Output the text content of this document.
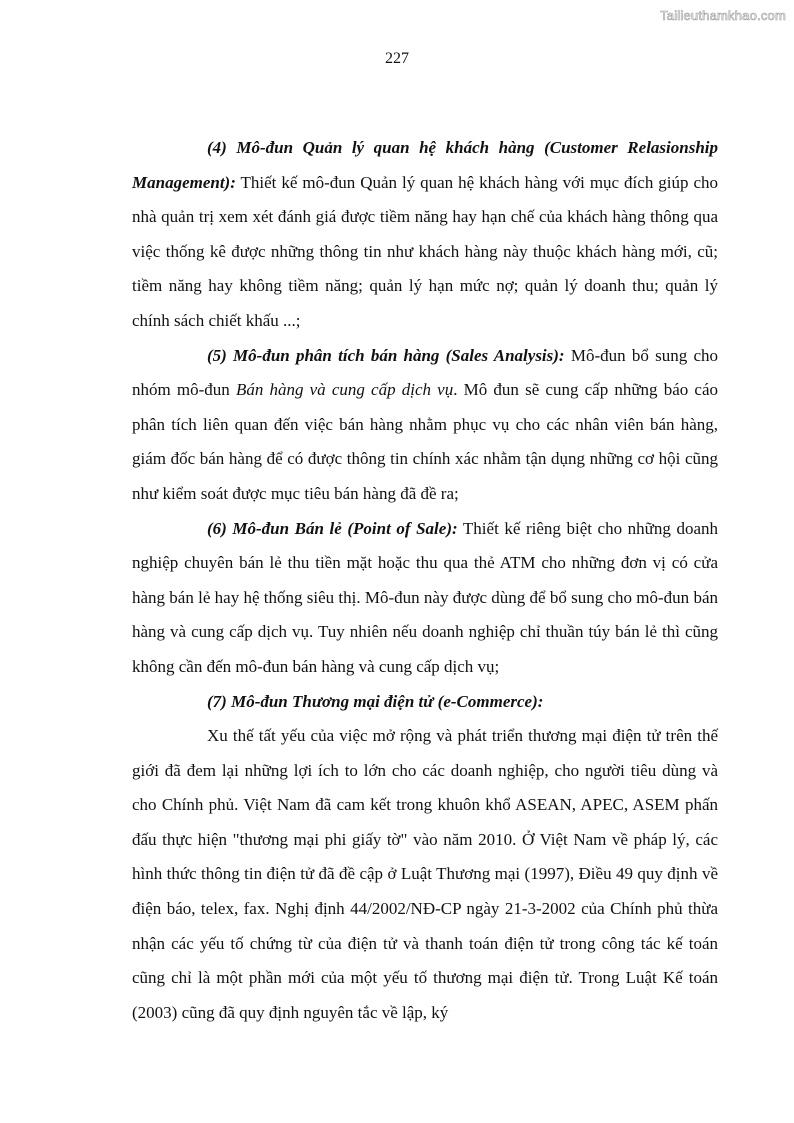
Tailieuthamkhao.com
227

(4) Mô-đun Quản lý quan hệ khách hàng (Customer Relasionship Management): Thiết kế mô-đun Quản lý quan hệ khách hàng với mục đích giúp cho nhà quản trị xem xét đánh giá được tiềm năng hay hạn chế của khách hàng thông qua việc thống kê được những thông tin như khách hàng này thuộc khách hàng mới, cũ; tiềm năng hay không tiềm năng; quản lý hạn mức nợ; quản lý doanh thu; quản lý chính sách chiết khấu ...;

(5) Mô-đun phân tích bán hàng (Sales Analysis): Mô-đun bổ sung cho nhóm mô-đun Bán hàng và cung cấp dịch vụ. Mô đun sẽ cung cấp những báo cáo phân tích liên quan đến việc bán hàng nhằm phục vụ cho các nhân viên bán hàng, giám đốc bán hàng để có được thông tin chính xác nhằm tận dụng những cơ hội cũng như kiểm soát được mục tiêu bán hàng đã đề ra;

(6) Mô-đun Bán lẻ (Point of Sale): Thiết kế riêng biệt cho những doanh nghiệp chuyên bán lẻ thu tiền mặt hoặc thu qua thẻ ATM cho những đơn vị có cửa hàng bán lẻ hay hệ thống siêu thị. Mô-đun này được dùng để bổ sung cho mô-đun bán hàng và cung cấp dịch vụ. Tuy nhiên nếu doanh nghiệp chỉ thuần túy bán lẻ thì cũng không cần đến mô-đun bán hàng và cung cấp dịch vụ;

(7) Mô-đun Thương mại điện tử (e-Commerce):

Xu thế tất yếu của việc mở rộng và phát triển thương mại điện tử trên thế giới đã đem lại những lợi ích to lớn cho các doanh nghiệp, cho người tiêu dùng và cho Chính phủ. Việt Nam đã cam kết trong khuôn khổ ASEAN, APEC, ASEM phấn đấu thực hiện "thương mại phi giấy tờ" vào năm 2010. Ở Việt Nam về pháp lý, các hình thức thông tin điện tử đã đề cập ở Luật Thương mại (1997), Điều 49 quy định về điện báo, telex, fax. Nghị định 44/2002/NĐ-CP ngày 21-3-2002 của Chính phủ thừa nhận các yếu tố chứng từ của điện tử và thanh toán điện tử trong công tác kế toán cũng chỉ là một phần mới của một yếu tố thương mại điện tử. Trong Luật Kế toán (2003) cũng đã quy định nguyên tắc về lập, ký
